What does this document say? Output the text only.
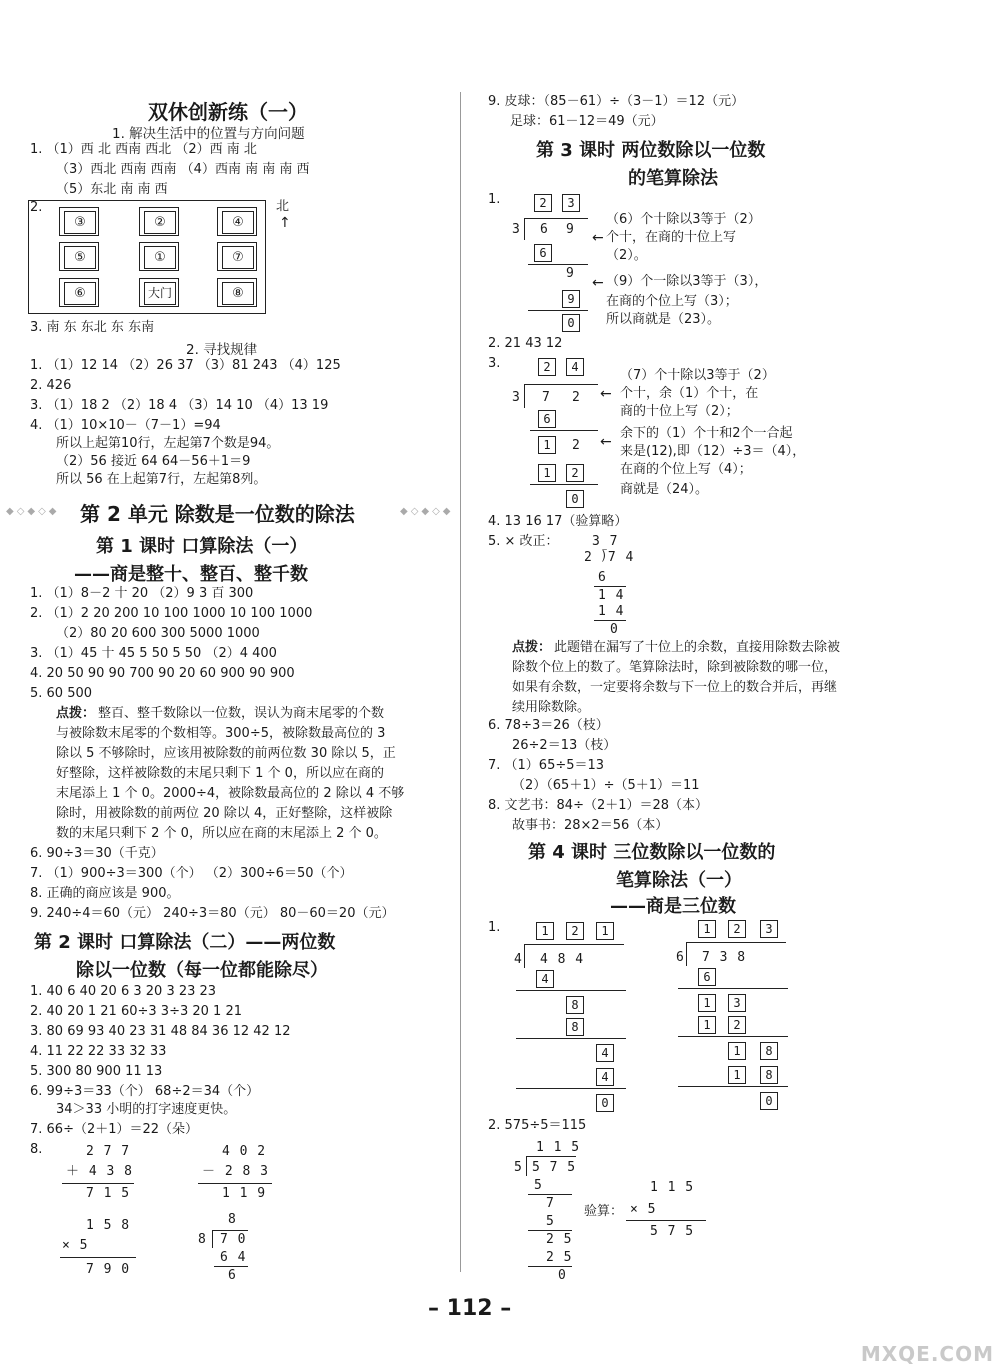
双休创新练（一）
1. 解决生活中的位置与方向问题
1. （1）西 北 西南 西北 （2）西 南 北
（3）西北 西南 西南 （4）西南 南 南 南 西
（5）东北 南 南 西
2.
③	②	④
⑤	①	⑦
⑥	大门	⑧
北
↑
3. 南 东 东北 东 东南
2. 寻找规律
1. （1）12 14 （2）26 37 （3）81 243 （4）125
2. 426
3. （1）18 2 （2）18 4 （3）14 10 （4）13 19
4. （1）10×10－（7－1）=94
所以上起第10行，左起第7个数是94。
（2）56 接近 64 64－56＋1＝9
所以 56 在上起第7行，左起第8列。
◆◇◆◇◆ 第 2 单元 除数是一位数的除法	◆◇◆◇◆
第 1 课时 口算除法（一）
——商是整十、整百、整千数
1. （1）8－2 十 20 （2）9 3 百 300
2. （1）2 20 200 10 100 1000 10 100 1000
（2）80 20 600 300 5000 1000
3. （1）45 十 45 5 50 5 50 （2）4 400
4. 20 50 90 90 700 90 20 60 900 90 900
5. 60 500
点拨： 整百、整千数除以一位数，误认为商末尾零的个数
与被除数末尾零的个数相等。300÷5，被除数最高位的 3
除以 5 不够除时，应该用被除数的前两位数 30 除以 5，正
好整除，这样被除数的末尾只剩下 1 个 0，所以应在商的
末尾添上 1 个 0。2000÷4，被除数最高位的 2 除以 4 不够
除时，用被除数的前两位 20 除以 4，正好整除，这样被除
数的末尾只剩下 2 个 0，所以应在商的末尾添上 2 个 0。
6. 90÷3＝30（千克）
7. （1）900÷3＝300（个） （2）300÷6＝50（个）
8. 正确的商应该是 900。
9. 240÷4＝60（元） 240÷3＝80（元） 80－60＝20（元）
第 2 课时 口算除法（二）——两位数
除以一位数（每一位都能除尽）
1. 40 6 40 20 6 3 20 3 23 23
2. 40 20 1 21 60÷3 3÷3 20 1 21
3. 80 69 93 40 23 31 48 84 36 12 42 12
4. 11 22 22 33 32 33
5. 300 80 900 11 13
6. 99÷3＝33（个） 68÷2＝34（个）
34＞33 小明的打字速度更快。
7. 66÷（2＋1）＝22（朵）
8.	2 7 7
＋ 4 3 8
7 1 5
4 0 2
－ 2 8 3
1 1 9
1 5 8
× 5
7 9 0
8
8 7 0
6 4
6
9. 皮球：（85－61）÷（3－1）＝12（元）
足球：61－12＝49（元）
第 3 课时 两位数除以一位数
的笔算除法
1.	2	3
3 6 9
6
9
9
0
←
（6）个十除以3等于（2）
个十，在商的十位上写
（2）。
← （9）个一除以3等于（3），
在商的个位上写（3）；
所以商就是（23）。
2. 21 43 12
3.	2	4
3 7 2
6
1	2
1	2
0
←
（7）个十除以3等于（2）
个十，余（1）个十，在
商的十位上写（2）；
←
余下的（1）个十和2个一合起
来是(12),即（12）÷3＝（4），
在商的个位上写（4）；
商就是（24）。
4. 13 16 17（验算略）
5. × 改正：	3 7
2 ⟌7 4
6
1 4
1 4
0
点拨： 此题错在漏写了十位上的余数，直接用除数去除被
除数个位上的数了。笔算除法时，除到被除数的哪一位，
如果有余数，一定要将余数与下一位上的数合并后，再继
续用除数除。
6. 78÷3＝26（枝）
26÷2＝13（枝）
7. （1）65÷5＝13
（2）（65＋1）÷（5＋1）＝11
8. 文艺书：84÷（2＋1）＝28（本）
故事书：28×2＝56（本）
第 4 课时 三位数除以一位数的
笔算除法（一）
——商是三位数
1.	1	2	1
4 4 8 4
4
8
8
4
4
0
1	2	3
6 7 3 8
6
1	3
1	2
1	8
1	8
0
2. 575÷5＝115
1 1 5
5 5 7 5
5
7
5
2 5
2 5
0
验算：
1 1 5
× 5
5 7 5
– 112 –
MXQE.COM
